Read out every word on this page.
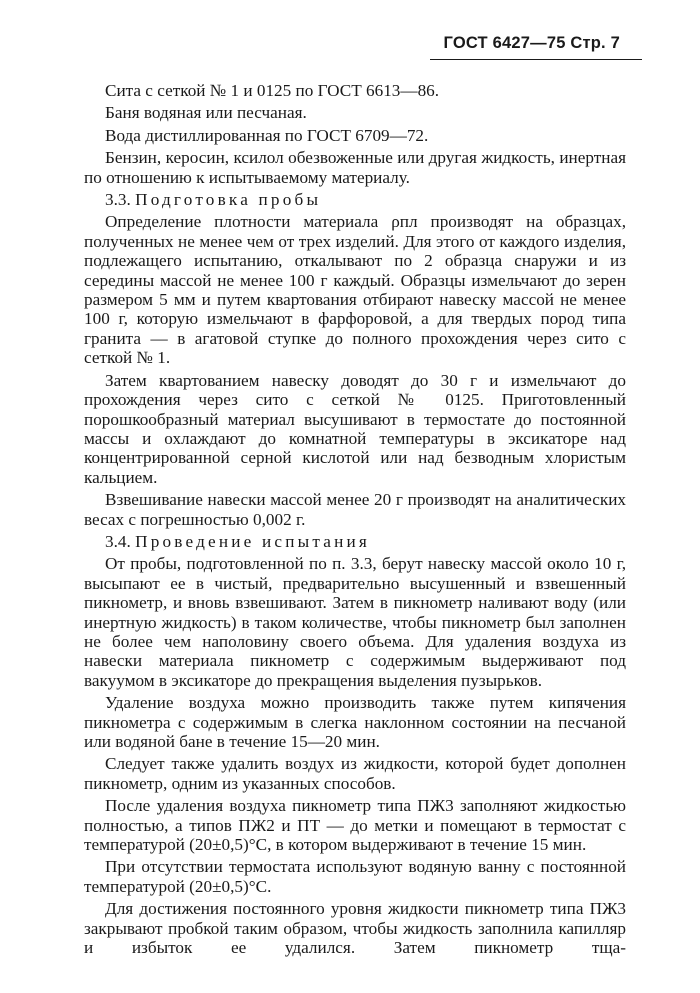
ГОСТ 6427—75 Стр. 7

Сита с сеткой № 1 и 0125 по ГОСТ 6613—86.

Баня водяная или песчаная.

Вода дистиллированная по ГОСТ 6709—72.

Бензин, керосин, ксилол обезвоженные или другая жидкость, инертная по отношению к испытываемому материалу.

3.3. Подготовка пробы

Определение плотности материала ρпл производят на образцах, полученных не менее чем от трех изделий. Для этого от каждого изделия, подлежащего испытанию, откалывают по 2 образца снаружи и из середины массой не менее 100 г каждый. Образцы измельчают до зерен размером 5 мм и путем квартования отбирают навеску массой не менее 100 г, которую измельчают в фарфоровой, а для твердых пород типа гранита — в агатовой ступке до полного прохождения через сито с сеткой № 1.

Затем квартованием навеску доводят до 30 г и измельчают до прохождения через сито с сеткой № 0125. Приготовленный порошкообразный материал высушивают в термостате до постоянной массы и охлаждают до комнатной температуры в эксикаторе над концентрированной серной кислотой или над безводным хлористым кальцием.

Взвешивание навески массой менее 20 г производят на аналитических весах с погрешностью 0,002 г.

3.4. Проведение испытания

От пробы, подготовленной по п. 3.3, берут навеску массой около 10 г, высыпают ее в чистый, предварительно высушенный и взвешенный пикнометр, и вновь взвешивают. Затем в пикнометр наливают воду (или инертную жидкость) в таком количестве, чтобы пикнометр был заполнен не более чем наполовину своего объема. Для удаления воздуха из навески материала пикнометр с содержимым выдерживают под вакуумом в эксикаторе до прекращения выделения пузырьков.

Удаление воздуха можно производить также путем кипячения пикнометра с содержимым в слегка наклонном состоянии на песчаной или водяной бане в течение 15—20 мин.

Следует также удалить воздух из жидкости, которой будет дополнен пикнометр, одним из указанных способов.

После удаления воздуха пикнометр типа ПЖ3 заполняют жидкостью полностью, а типов ПЖ2 и ПТ — до метки и помещают в термостат с температурой (20±0,5)°С, в котором выдерживают в течение 15 мин.

При отсутствии термостата используют водяную ванну с постоянной температурой (20±0,5)°С.

Для достижения постоянного уровня жидкости пикнометр типа ПЖ3 закрывают пробкой таким образом, чтобы жидкость заполнила капилляр и избыток ее удалился. Затем пикнометр тща-
